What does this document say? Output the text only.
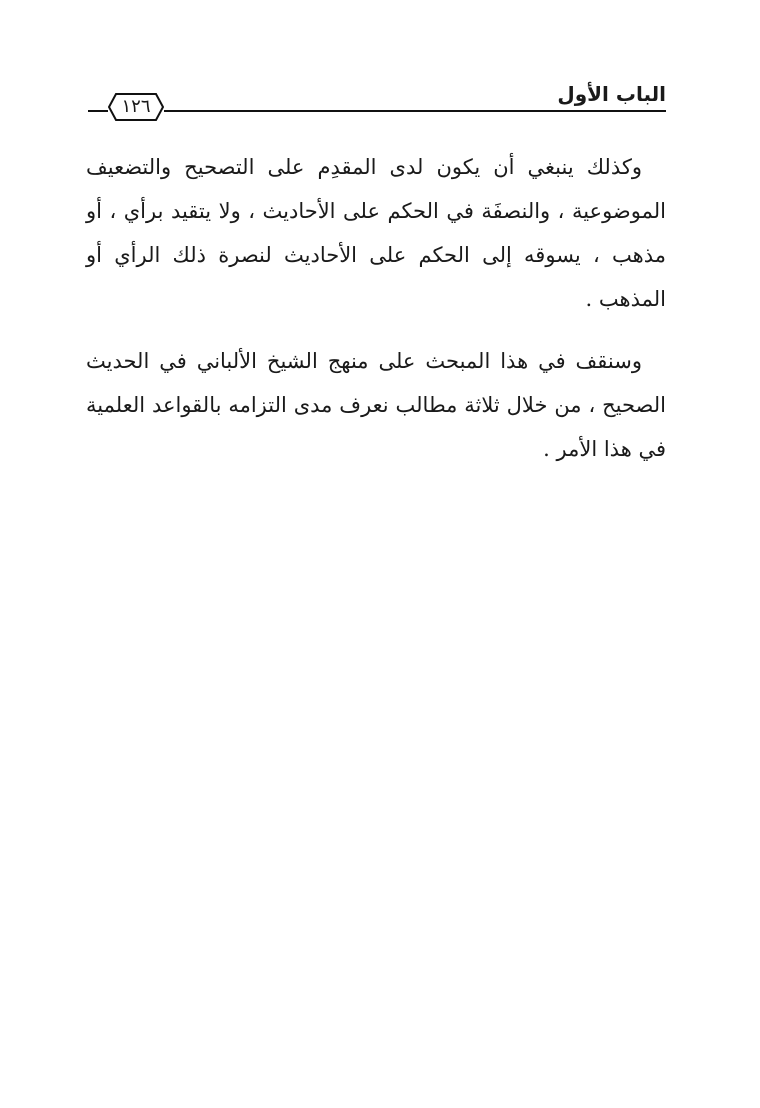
الباب الأول
١٢٦

وكذلك ينبغي أن يكون لدى المقدِم على التصحيح والتضعيف الموضوعية ، والنصفَة في الحكم على الأحاديث ، ولا يتقيد برأي ، أو مذهب ، يسوقه إلى الحكم على الأحاديث لنصرة ذلك الرأي أو المذهب .

وسنقف في هذا المبحث على منهج الشيخ الألباني في الحديث الصحيح ، من خلال ثلاثة مطالب نعرف مدى التزامه بالقواعد العلمية في هذا الأمر .
